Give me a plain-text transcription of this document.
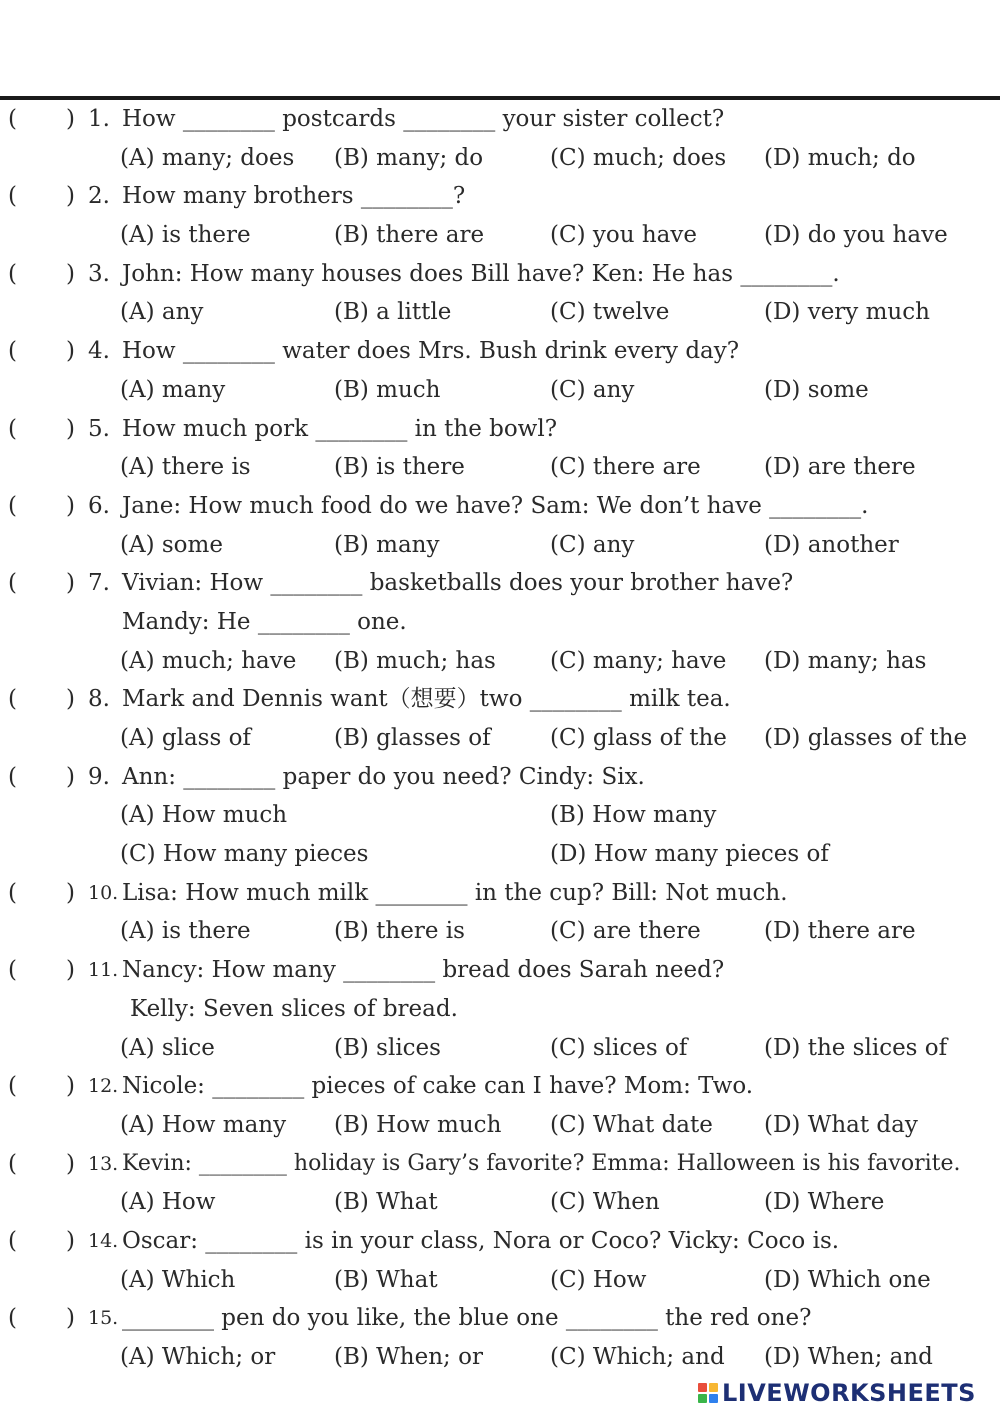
( ) 1. How ________ postcards ________ your sister collect?
(A) many; does (B) many; do	(C) much; does (D) much; do
( ) 2. How many brothers ________?
(A) is there	(B) there are	(C) you have	(D) do you have
( ) 3. John: How many houses does Bill have? Ken: He has ________.
(A) any	(B) a little	(C) twelve	(D) very much
( ) 4. How ________ water does Mrs. Bush drink every day?
(A) many	(B) much	(C) any	(D) some
( ) 5. How much pork ________ in the bowl?
(A) there is	(B) is there	(C) there are	(D) are there
( ) 6. Jane: How much food do we have? Sam: We don’t have ________.
(A) some	(B) many	(C) any	(D) another
( ) 7. Vivian: How ________ basketballs does your brother have?
Mandy: He ________ one.
(A) much; have (B) much; has (C) many; have (D) many; has
( ) 8. Mark and Dennis want（想要）two ________ milk tea.
(A) glass of	(B) glasses of	(C) glass of the (D) glasses of the
( ) 9. Ann: ________ paper do you need? Cindy: Six.
(A) How much	(B) How many
(C) How many pieces	(D) How many pieces of
( ) 10. Lisa: How much milk ________ in the cup? Bill: Not much.
(A) is there	(B) there is	(C) are there	(D) there are
( ) 11. Nancy: How many ________ bread does Sarah need?
Kelly: Seven slices of bread.
(A) slice	(B) slices	(C) slices of	(D) the slices of
( ) 12. Nicole: ________ pieces of cake can I have? Mom: Two.
(A) How many (B) How much (C) What date (D) What day
( ) 13. Kevin: ________ holiday is Gary’s favorite? Emma: Halloween is his favorite.
(A) How	(B) What	(C) When	(D) Where
( ) 14. Oscar: ________ is in your class, Nora or Coco? Vicky: Coco is.
(A) Which	(B) What	(C) How	(D) Which one
( ) 15. ________ pen do you like, the blue one ________ the red one?
(A) Which; or	(B) When; or	(C) Which; and (D) When; and
LIVEWORKSHEETS
